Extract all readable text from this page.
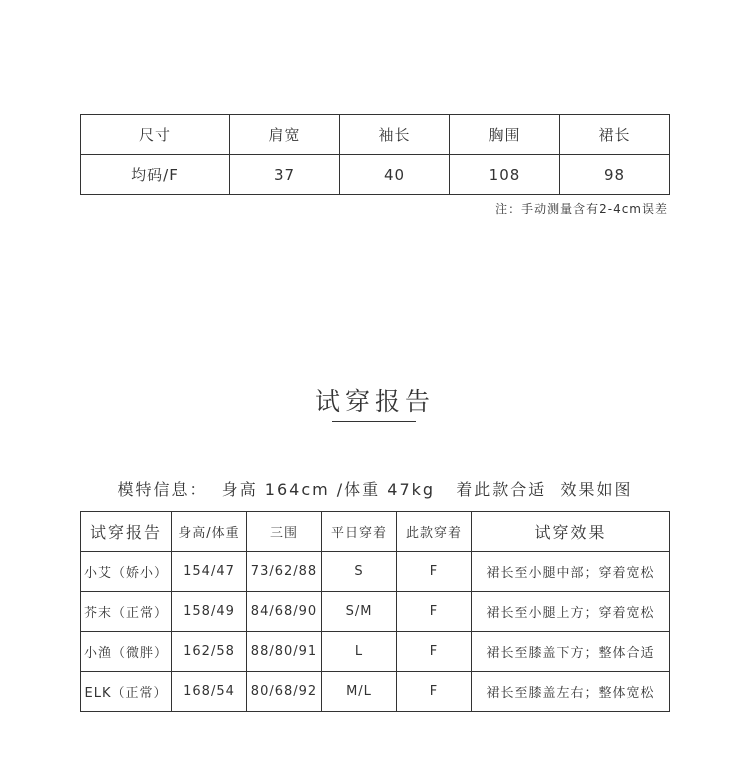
尺寸	肩宽	袖长	胸围	裙长
均码/F	37	40	108	98
注：手动测量含有2-4cm误差
试穿报告
模特信息：  身高 164cm /体重 47kg   着此款合适  效果如图
试穿报告	身高/体重	三围	平日穿着	此款穿着	试穿效果
小艾（娇小）	154/47	73/62/88	S	F	裙长至小腿中部；穿着宽松
芥末（正常）	158/49	84/68/90	S/M	F	裙长至小腿上方；穿着宽松
小渔（微胖）	162/58	88/80/91	L	F	裙长至膝盖下方；整体合适
ELK（正常）	168/54	80/68/92	M/L	F	裙长至膝盖左右；整体宽松
